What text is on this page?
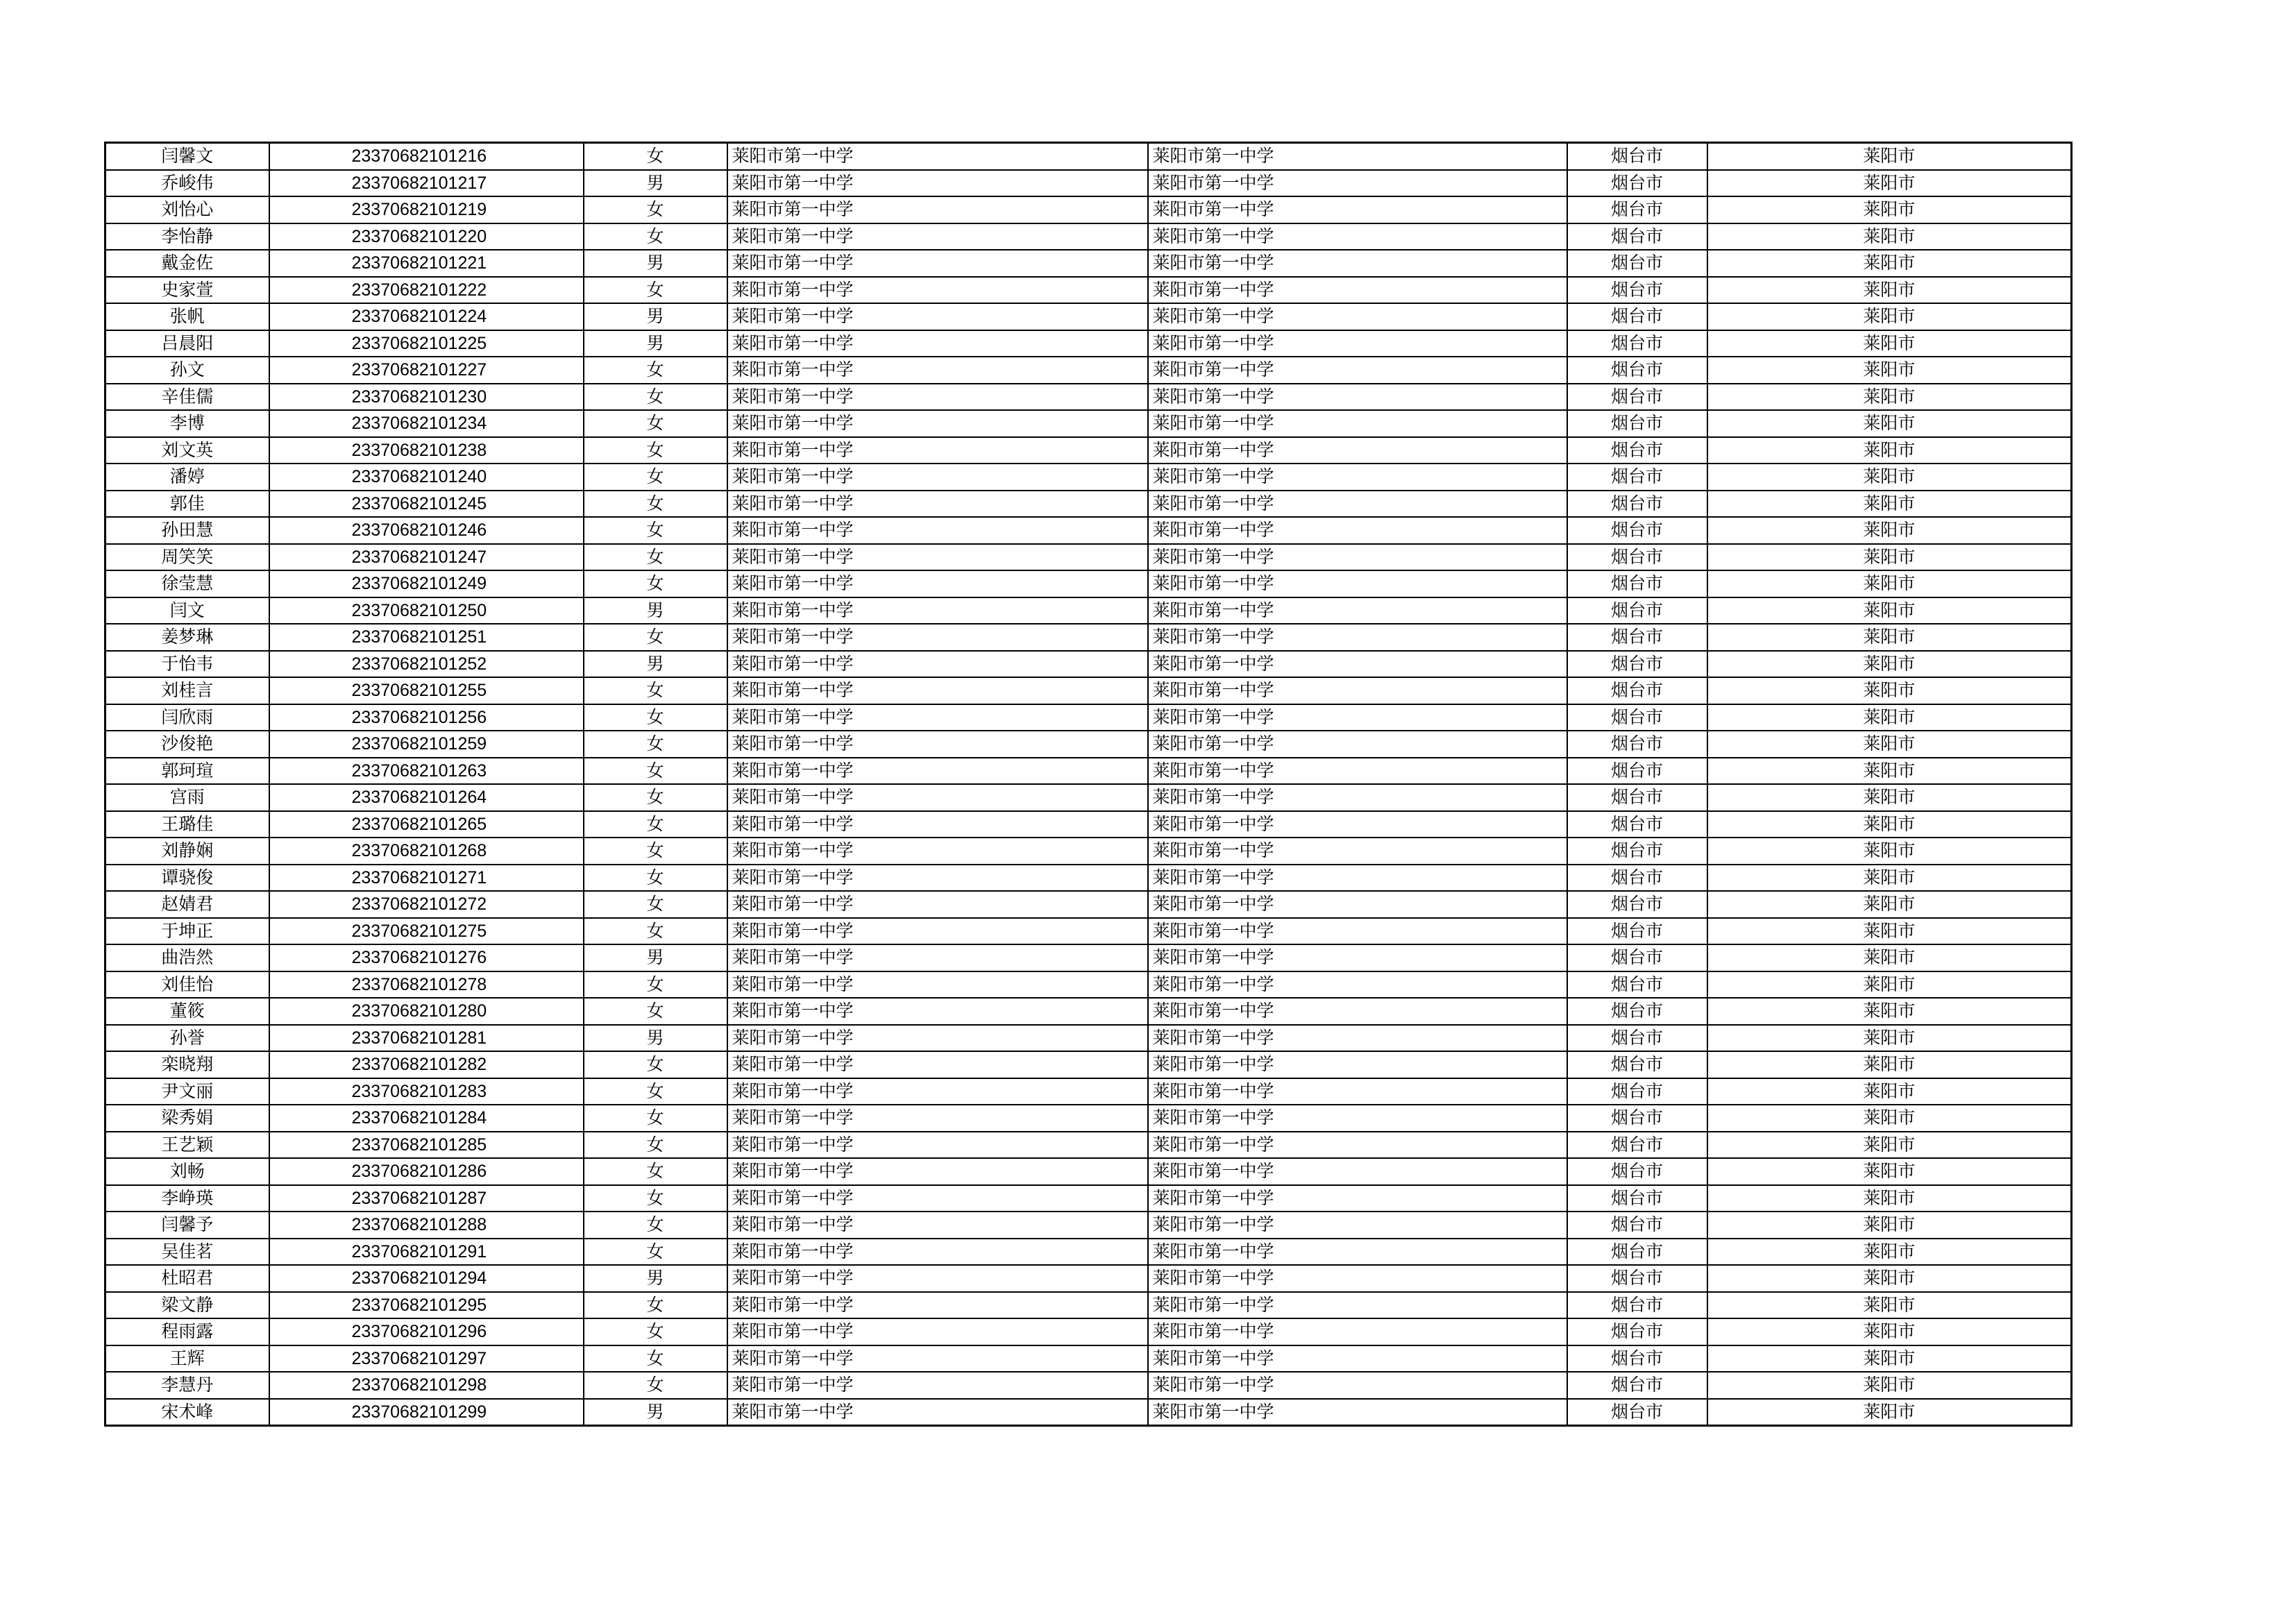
闫馨文	23370682101216	女	莱阳市第一中学	莱阳市第一中学	烟台市	莱阳市
乔峻伟	23370682101217	男	莱阳市第一中学	莱阳市第一中学	烟台市	莱阳市
刘怡心	23370682101219	女	莱阳市第一中学	莱阳市第一中学	烟台市	莱阳市
李怡静	23370682101220	女	莱阳市第一中学	莱阳市第一中学	烟台市	莱阳市
戴金佐	23370682101221	男	莱阳市第一中学	莱阳市第一中学	烟台市	莱阳市
史家萱	23370682101222	女	莱阳市第一中学	莱阳市第一中学	烟台市	莱阳市
张帆	23370682101224	男	莱阳市第一中学	莱阳市第一中学	烟台市	莱阳市
吕晨阳	23370682101225	男	莱阳市第一中学	莱阳市第一中学	烟台市	莱阳市
孙文	23370682101227	女	莱阳市第一中学	莱阳市第一中学	烟台市	莱阳市
辛佳儒	23370682101230	女	莱阳市第一中学	莱阳市第一中学	烟台市	莱阳市
李博	23370682101234	女	莱阳市第一中学	莱阳市第一中学	烟台市	莱阳市
刘文英	23370682101238	女	莱阳市第一中学	莱阳市第一中学	烟台市	莱阳市
潘婷	23370682101240	女	莱阳市第一中学	莱阳市第一中学	烟台市	莱阳市
郭佳	23370682101245	女	莱阳市第一中学	莱阳市第一中学	烟台市	莱阳市
孙田慧	23370682101246	女	莱阳市第一中学	莱阳市第一中学	烟台市	莱阳市
周笑笑	23370682101247	女	莱阳市第一中学	莱阳市第一中学	烟台市	莱阳市
徐莹慧	23370682101249	女	莱阳市第一中学	莱阳市第一中学	烟台市	莱阳市
闫文	23370682101250	男	莱阳市第一中学	莱阳市第一中学	烟台市	莱阳市
姜梦琳	23370682101251	女	莱阳市第一中学	莱阳市第一中学	烟台市	莱阳市
于怡韦	23370682101252	男	莱阳市第一中学	莱阳市第一中学	烟台市	莱阳市
刘桂言	23370682101255	女	莱阳市第一中学	莱阳市第一中学	烟台市	莱阳市
闫欣雨	23370682101256	女	莱阳市第一中学	莱阳市第一中学	烟台市	莱阳市
沙俊艳	23370682101259	女	莱阳市第一中学	莱阳市第一中学	烟台市	莱阳市
郭珂瑄	23370682101263	女	莱阳市第一中学	莱阳市第一中学	烟台市	莱阳市
宫雨	23370682101264	女	莱阳市第一中学	莱阳市第一中学	烟台市	莱阳市
王璐佳	23370682101265	女	莱阳市第一中学	莱阳市第一中学	烟台市	莱阳市
刘静娴	23370682101268	女	莱阳市第一中学	莱阳市第一中学	烟台市	莱阳市
谭骁俊	23370682101271	女	莱阳市第一中学	莱阳市第一中学	烟台市	莱阳市
赵婧君	23370682101272	女	莱阳市第一中学	莱阳市第一中学	烟台市	莱阳市
于坤正	23370682101275	女	莱阳市第一中学	莱阳市第一中学	烟台市	莱阳市
曲浩然	23370682101276	男	莱阳市第一中学	莱阳市第一中学	烟台市	莱阳市
刘佳怡	23370682101278	女	莱阳市第一中学	莱阳市第一中学	烟台市	莱阳市
董筱	23370682101280	女	莱阳市第一中学	莱阳市第一中学	烟台市	莱阳市
孙誉	23370682101281	男	莱阳市第一中学	莱阳市第一中学	烟台市	莱阳市
栾晓翔	23370682101282	女	莱阳市第一中学	莱阳市第一中学	烟台市	莱阳市
尹文丽	23370682101283	女	莱阳市第一中学	莱阳市第一中学	烟台市	莱阳市
梁秀娟	23370682101284	女	莱阳市第一中学	莱阳市第一中学	烟台市	莱阳市
王艺颖	23370682101285	女	莱阳市第一中学	莱阳市第一中学	烟台市	莱阳市
刘畅	23370682101286	女	莱阳市第一中学	莱阳市第一中学	烟台市	莱阳市
李峥瑛	23370682101287	女	莱阳市第一中学	莱阳市第一中学	烟台市	莱阳市
闫馨予	23370682101288	女	莱阳市第一中学	莱阳市第一中学	烟台市	莱阳市
吴佳茗	23370682101291	女	莱阳市第一中学	莱阳市第一中学	烟台市	莱阳市
杜昭君	23370682101294	男	莱阳市第一中学	莱阳市第一中学	烟台市	莱阳市
梁文静	23370682101295	女	莱阳市第一中学	莱阳市第一中学	烟台市	莱阳市
程雨露	23370682101296	女	莱阳市第一中学	莱阳市第一中学	烟台市	莱阳市
王辉	23370682101297	女	莱阳市第一中学	莱阳市第一中学	烟台市	莱阳市
李慧丹	23370682101298	女	莱阳市第一中学	莱阳市第一中学	烟台市	莱阳市
宋术峰	23370682101299	男	莱阳市第一中学	莱阳市第一中学	烟台市	莱阳市
